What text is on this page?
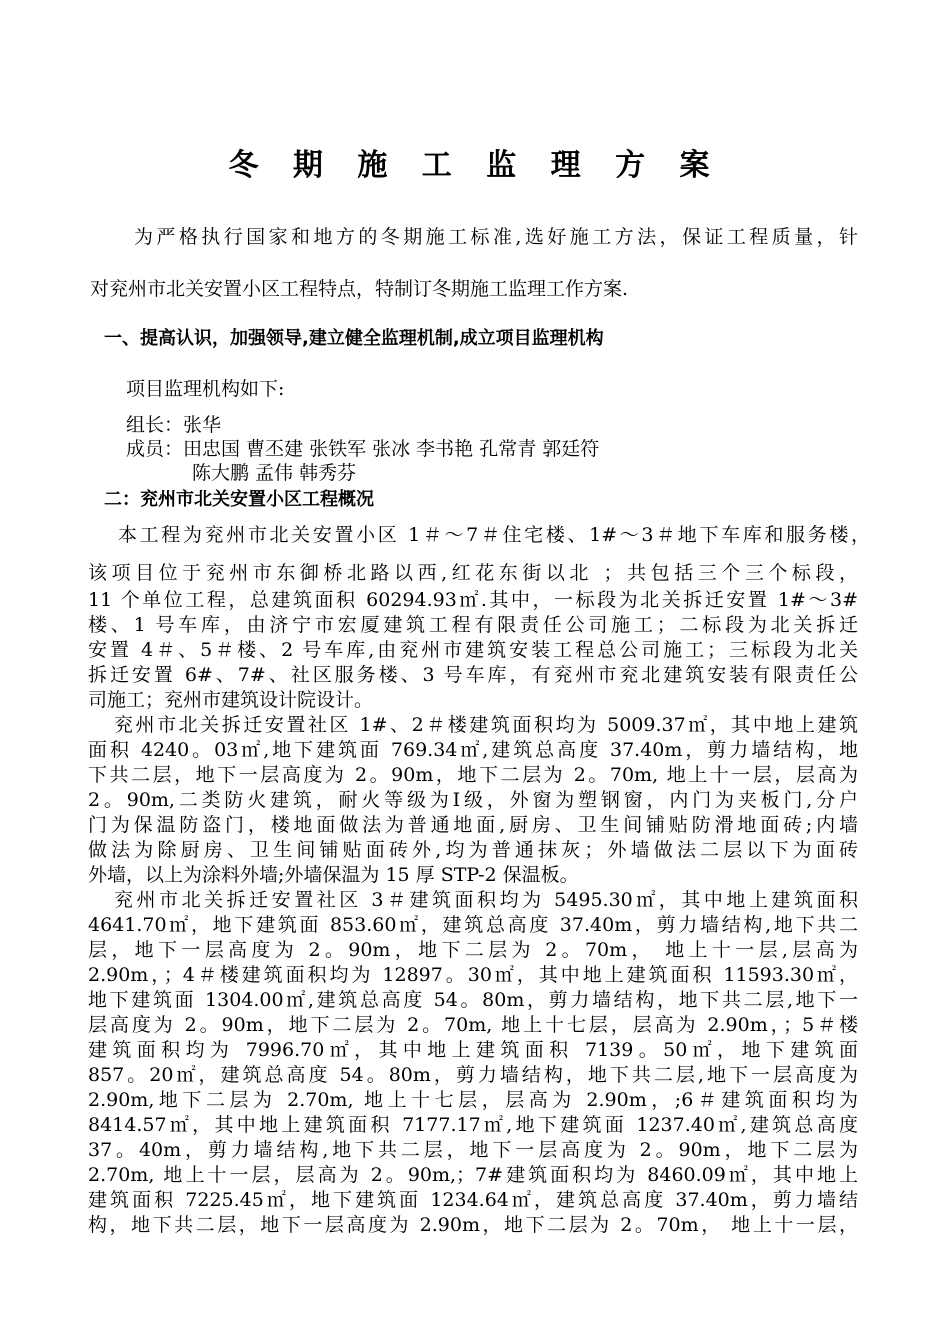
冬 期 施 工 监 理 方 案
为严格执行国家和地方的冬期施工标准,选好施工方法，保证工程质量，针
对兖州市北关安置小区工程特点，特制订冬期施工监理工作方案.
一、提高认识，加强领导,建立健全监理机制,成立项目监理机构
项目监理机构如下:
组长：张华
成员：田忠国 曹丕建 张铁军 张冰 李书艳 孔常青 郭廷符
陈大鹏 孟伟 韩秀芬
二：兖州市北关安置小区工程概况
本工程为兖州市北关安置小区 1＃～7＃住宅楼、1#～3＃地下车库和服务楼，
该项目位于兖州市东御桥北路以西,红花东街以北 ；共包括三个三个标段，
11 个单位工程，总建筑面积 60294.93㎡.其中，一标段为北关拆迁安置 1#～3#
楼、1 号车库，由济宁市宏厦建筑工程有限责任公司施工；二标段为北关拆迁
安置 4＃、5＃楼、2 号车库,由兖州市建筑安装工程总公司施工；三标段为北关
拆迁安置 6#、7#、社区服务楼、3 号车库，有兖州市兖北建筑安装有限责任公
司施工；兖州市建筑设计院设计。
兖州市北关拆迁安置社区 1#、2＃楼建筑面积均为 5009.37㎡，其中地上建筑
面积 4240。03㎡,地下建筑面 769.34㎡,建筑总高度 37.40m，剪力墙结构，地
下共二层，地下一层高度为 2。90m，地下二层为 2。70m, 地上十一层，层高为
2。90m,二类防火建筑，耐火等级为Ⅰ级，外窗为塑钢窗，内门为夹板门,分户
门为保温防盗门，楼地面做法为普通地面,厨房、卫生间铺贴防滑地面砖;内墙
做法为除厨房、卫生间铺贴面砖外,均为普通抹灰；外墙做法二层以下为面砖
外墙，以上为涂料外墙;外墙保温为 15 厚 STP-2 保温板。
兖州市北关拆迁安置社区 3＃建筑面积均为 5495.30㎡，其中地上建筑面积
4641.70㎡，地下建筑面 853.60㎡，建筑总高度 37.40m，剪力墙结构,地下共二
层，地下一层高度为 2。90m，地下二层为 2。70m， 地上十一层,层高为
2.90m，；4＃楼建筑面积均为 12897。30㎡，其中地上建筑面积 11593.30㎡，
地下建筑面 1304.00㎡,建筑总高度 54。80m，剪力墙结构，地下共二层,地下一
层高度为 2。90m，地下二层为 2。70m, 地上十七层，层高为 2.90m，；5＃楼
建筑面积均为 7996.70㎡，其中地上建筑面积 7139。50㎡，地下建筑面
857。20㎡，建筑总高度 54。80m，剪力墙结构，地下共二层,地下一层高度为
2.90m,地下二层为 2.70m, 地上十七层，层高为 2.90m，;6＃建筑面积均为
8414.57㎡，其中地上建筑面积 7177.17㎡,地下建筑面 1237.40㎡,建筑总高度
37。40m，剪力墙结构,地下共二层，地下一层高度为 2。90m，地下二层为
2.70m, 地上十一层，层高为 2。90m,；7#建筑面积均为 8460.09㎡，其中地上
建筑面积 7225.45㎡，地下建筑面 1234.64㎡，建筑总高度 37.40m，剪力墙结
构，地下共二层，地下一层高度为 2.90m，地下二层为 2。70m， 地上十一层，
